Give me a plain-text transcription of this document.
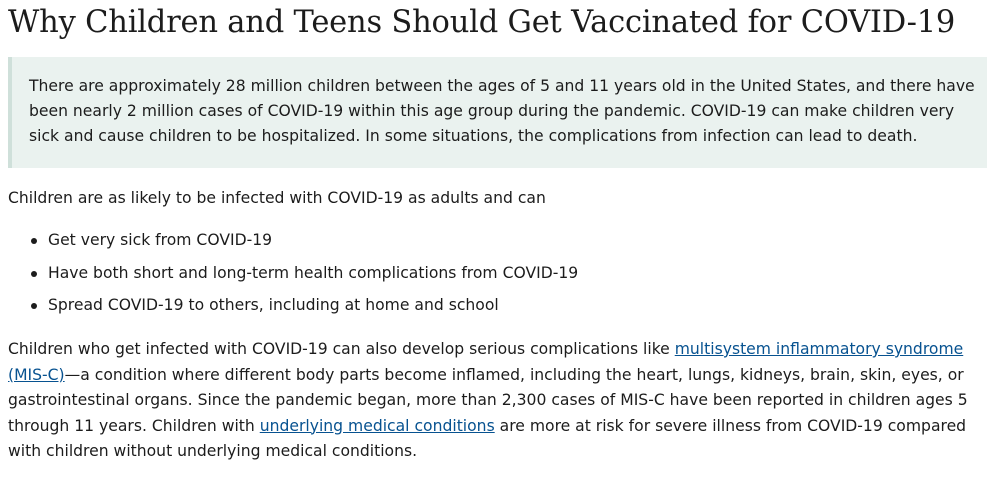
Why Children and Teens Should Get Vaccinated for COVID-19

There are approximately 28 million children between the ages of 5 and 11 years old in the United States, and there have been nearly 2 million cases of COVID-19 within this age group during the pandemic. COVID-19 can make children very sick and cause children to be hospitalized. In some situations, the complications from infection can lead to death.

Children are as likely to be infected with COVID-19 as adults and can

Get very sick from COVID-19
Have both short and long-term health complications from COVID-19
Spread COVID-19 to others, including at home and school

Children who get infected with COVID-19 can also develop serious complications like multisystem inflammatory syndrome (MIS-C)—a condition where different body parts become inflamed, including the heart, lungs, kidneys, brain, skin, eyes, or gastrointestinal organs. Since the pandemic began, more than 2,300 cases of MIS-C have been reported in children ages 5 through 11 years. Children with underlying medical conditions are more at risk for severe illness from COVID-19 compared with children without underlying medical conditions.
